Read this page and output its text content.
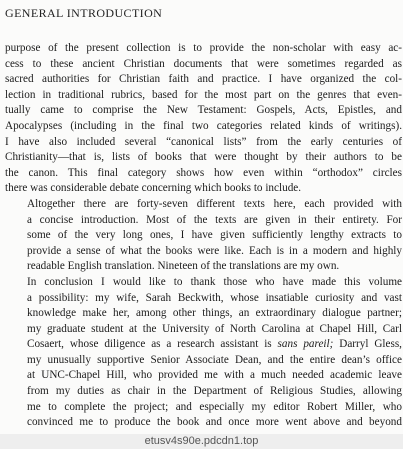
GENERAL INTRODUCTION

purpose of the present collection is to provide the non-scholar with easy ac-
cess to these ancient Christian documents that were sometimes regarded as
sacred authorities for Christian faith and practice. I have organized the col-
lection in traditional rubrics, based for the most part on the genres that even-
tually came to comprise the New Testament: Gospels, Acts, Epistles, and
Apocalypses (including in the final two categories related kinds of writings).
I have also included several “canonical lists” from the early centuries of
Christianity—that is, lists of books that were thought by their authors to be
the canon. This final category shows how even within “orthodox” circles
there was considerable debate concerning which books to include.

Altogether there are forty-seven different texts here, each provided with
a concise introduction. Most of the texts are given in their entirety. For
some of the very long ones, I have given sufficiently lengthy extracts to
provide a sense of what the books were like. Each is in a modern and highly
readable English translation. Nineteen of the translations are my own.

In conclusion I would like to thank those who have made this volume
a possibility: my wife, Sarah Beckwith, whose insatiable curiosity and vast
knowledge make her, among other things, an extraordinary dialogue partner;
my graduate student at the University of North Carolina at Chapel Hill, Carl
Cosaert, whose diligence as a research assistant is sans pareil; Darryl Gless,
my unusually supportive Senior Associate Dean, and the entire dean’s office
at UNC-Chapel Hill, who provided me with a much needed academic leave
from my duties as chair in the Department of Religious Studies, allowing
me to complete the project; and especially my editor Robert Miller, who
convinced me to produce the book and once more went above and beyond

etusv4s90e.pdcdn1.top
